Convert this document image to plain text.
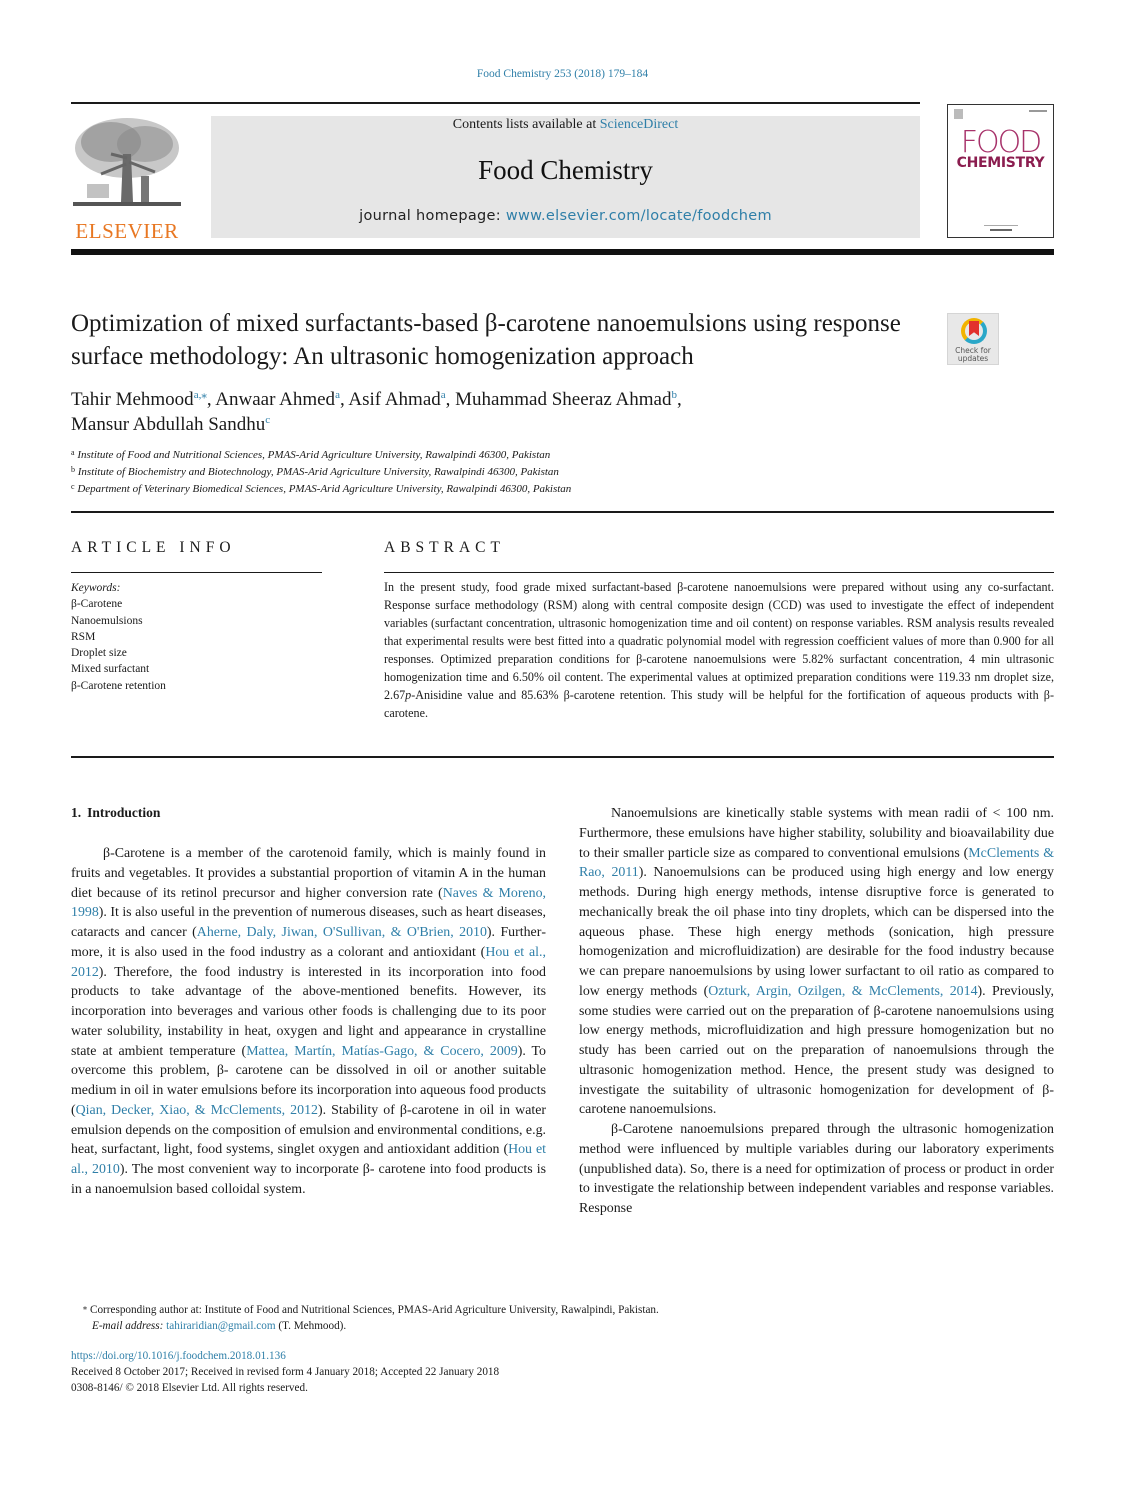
Food Chemistry 253 (2018) 179–184
ELSEVIER
Contents lists available at ScienceDirect
Food Chemistry
journal homepage: www.elsevier.com/locate/foodchem
FOOD
CHEMISTRY
Optimization of mixed surfactants-based β-carotene nanoemulsions using response surface methodology: An ultrasonic homogenization approach	Check for
updates
Tahir Mehmood$^{a,⁎}$, Anwaar Ahmed$^a$, Asif Ahmad$^a$, Muhammad Sheeraz Ahmad$^b$,
Mansur Abdullah Sandhu$^c$
$^a$ Institute of Food and Nutritional Sciences, PMAS-Arid Agriculture University, Rawalpindi 46300, Pakistan
$^b$ Institute of Biochemistry and Biotechnology, PMAS-Arid Agriculture University, Rawalpindi 46300, Pakistan
$^c$ Department of Veterinary Biomedical Sciences, PMAS-Arid Agriculture University, Rawalpindi 46300, Pakistan
ARTICLE INFO	ABSTRACT
Keywords:
β-Carotene
Nanoemulsions
RSM
Droplet size
Mixed surfactant
β-Carotene retention
In the present study, food grade mixed surfactant-based β-carotene nanoemulsions were prepared without using any co-surfactant. Response surface methodology (RSM) along with central composite design (CCD) was used to investigate the effect of independent variables (surfactant concentration, ultrasonic homogenization time and oil content) on response variables. RSM analysis results revealed that experimental results were best fitted into a quadratic polynomial model with regression coefficient values of more than 0.900 for all responses. Optimized preparation conditions for β-carotene nanoemulsions were 5.82% surfactant concentration, 4 min ultrasonic homogenization time and 6.50% oil content. The experimental values at optimized preparation conditions were 119.33 nm droplet size, 2.67p-Anisidine value and 85.63% β-carotene retention. This study will be helpful for the fortification of aqueous products with β-carotene.
1. Introduction

β-Carotene is a member of the carotenoid family, which is mainly found in fruits and vegetables. It provides a substantial proportion of vitamin A in the human diet because of its retinol precursor and higher conversion rate (Naves & Moreno, 1998). It is also useful in the prevention of numerous diseases, such as heart diseases, cataracts and cancer (Aherne, Daly, Jiwan, O'Sullivan, & O'Brien, 2010). Furthermore, it is also used in the food industry as a colorant and antioxidant (Hou et al., 2012). Therefore, the food industry is interested in its incorporation into food products to take advantage of the above-mentioned benefits. However, its incorporation into beverages and various other foods is challenging due to its poor water solubility, instability in heat, oxygen and light and appearance in crystalline state at ambient temperature (Mattea, Martín, Matías-Gago, & Cocero, 2009). To overcome this problem, β- carotene can be dissolved in oil or another suitable medium in oil in water emulsions before its incorporation into aqueous food products (Qian, Decker, Xiao, & McClements, 2012). Stability of β-carotene in oil in water emulsion depends on the composition of emulsion and environmental conditions, e.g. heat, surfactant, light, food systems, singlet oxygen and antioxidant addition (Hou et al., 2010). The most convenient way to incorporate β- carotene into food products is in a nanoemulsion based colloidal system.

Nanoemulsions are kinetically stable systems with mean radii of < 100 nm. Furthermore, these emulsions have higher stability, solubility and bioavailability due to their smaller particle size as compared to conventional emulsions (McClements & Rao, 2011). Nanoemulsions can be produced using high energy and low energy methods. During high energy methods, intense disruptive force is generated to mechanically break the oil phase into tiny droplets, which can be dispersed into the aqueous phase. These high energy methods (sonication, high pressure homogenization and microfluidization) are desirable for the food industry because we can prepare nanoemulsions by using lower surfactant to oil ratio as compared to low energy methods (Ozturk, Argin, Ozilgen, & McClements, 2014). Previously, some studies were carried out on the preparation of β-carotene nanoemulsions using low energy methods, microfluidization and high pressure homogenization but no study has been carried out on the preparation of nanoemulsions through the ultrasonic homogenization method. Hence, the present study was designed to investigate the suitability of ultrasonic homogenization for development of β-carotene nanoemulsions.

β-Carotene nanoemulsions prepared through the ultrasonic homogenization method were influenced by multiple variables during our laboratory experiments (unpublished data). So, there is a need for optimization of process or product in order to investigate the relationship between independent variables and response variables. Response

⁎ Corresponding author at: Institute of Food and Nutritional Sciences, PMAS-Arid Agriculture University, Rawalpindi, Pakistan.
E-mail address: tahiraridian@gmail.com (T. Mehmood).
https://doi.org/10.1016/j.foodchem.2018.01.136
Received 8 October 2017; Received in revised form 4 January 2018; Accepted 22 January 2018
0308-8146/ © 2018 Elsevier Ltd. All rights reserved.
